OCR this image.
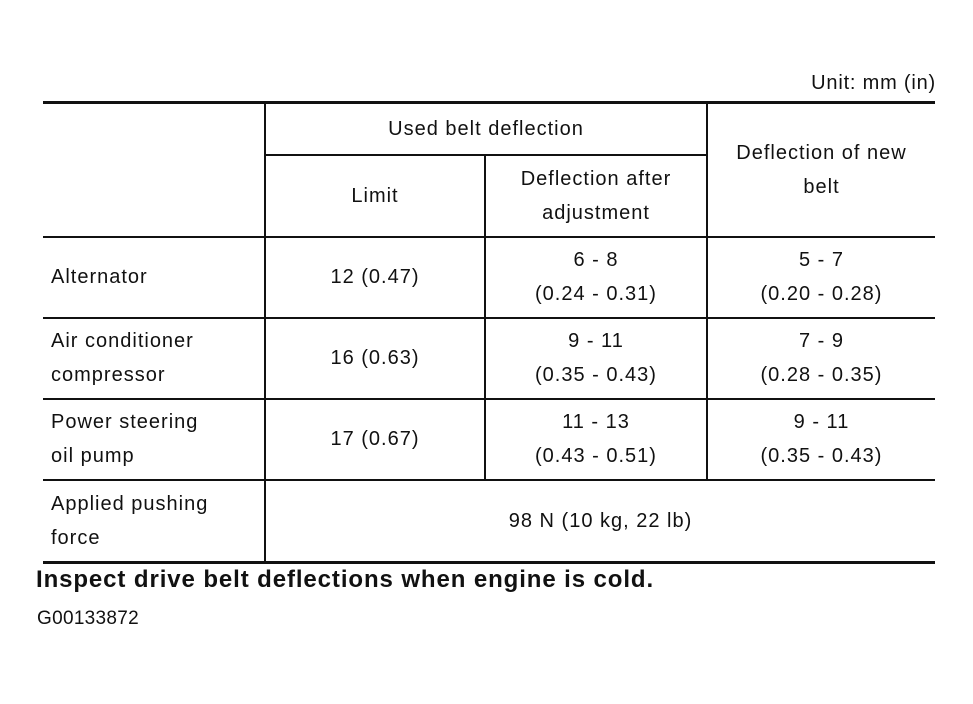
Unit: mm (in)
	Used belt deflection		Deflection of new
belt

	Limit	Deflection after
adjustment	

Alternator	12 (0.47)	6 - 8
(0.24 - 0.31)	5 - 7
(0.20 - 0.28)

Air conditioner
compressor	16 (0.63)	9 - 11
(0.35 - 0.43)	7 - 9
(0.28 - 0.35)

Power steering
oil pump	17 (0.67)	11 - 13
(0.43 - 0.51)	9 - 11
(0.35 - 0.43)

Applied pushing
force	98 N (10 kg, 22 lb)		
Inspect drive belt deflections when engine is cold.
G00133872
